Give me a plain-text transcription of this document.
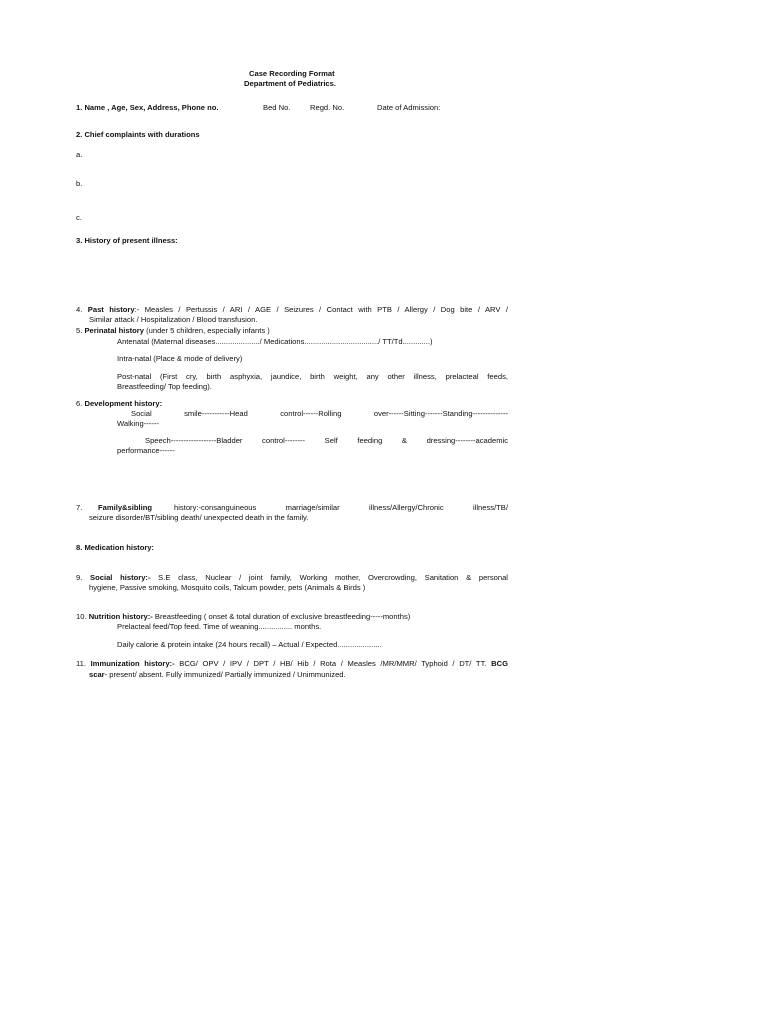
Case Recording Format
Department of Pediatrics.
1. Name , Age, Sex, Address, Phone no.	Bed No.	Regd. No.	Date of Admission:
2. Chief complaints with durations
a.
b.
c.
3. History of present illness:
4. Past history:- Measles / Pertussis / ARI / AGE / Seizures / Contact with PTB / Allergy / Dog bite / ARV /
Similar attack / Hospitalization / Blood transfusion.
5. Perinatal history (under 5 children, especially infants )
Antenatal (Maternal diseases...................../ Medications.................................../ TT/Td.............)
Intra-natal (Place & mode of delivery)
Post-natal (First cry, birth asphyxia, jaundice, birth weight, any other illness, prelacteal feeds,
Breastfeeding/ Top feeding).
6. Development history:
Social smile-----------Head control------Rolling over------Sitting-------Standing--------------
Walking------
Speech------------------Bladder control-------- Self feeding & dressing--------academic
performance------
7. Family&sibling	history:-consanguineous marriage/similar illness/Allergy/Chronic illness/TB/
seizure disorder/BT/sibling death/ unexpected death in the family.
8. Medication history:
9. Social history:- S.E class, Nuclear / joint family, Working mother, Overcrowding, Sanitation & personal
hygiene, Passive smoking, Mosquito coils, Talcum powder, pets (Animals & Birds )
10. Nutrition history:- Breastfeeding ( onset & total duration of exclusive breastfeeding-----months)
Prelacteal feed/Top feed. Time of weaning................ months.
Daily calorie & protein intake (24 hours recall) – Actual / Expected.....................
11. Immunization history:- BCG/ OPV / IPV / DPT / HB/ Hib / Rota / Measles /MR/MMR/ Typhoid / DT/ TT. BCG
scar- present/ absent. Fully immunized/ Partially immunized / Unimmunized.
